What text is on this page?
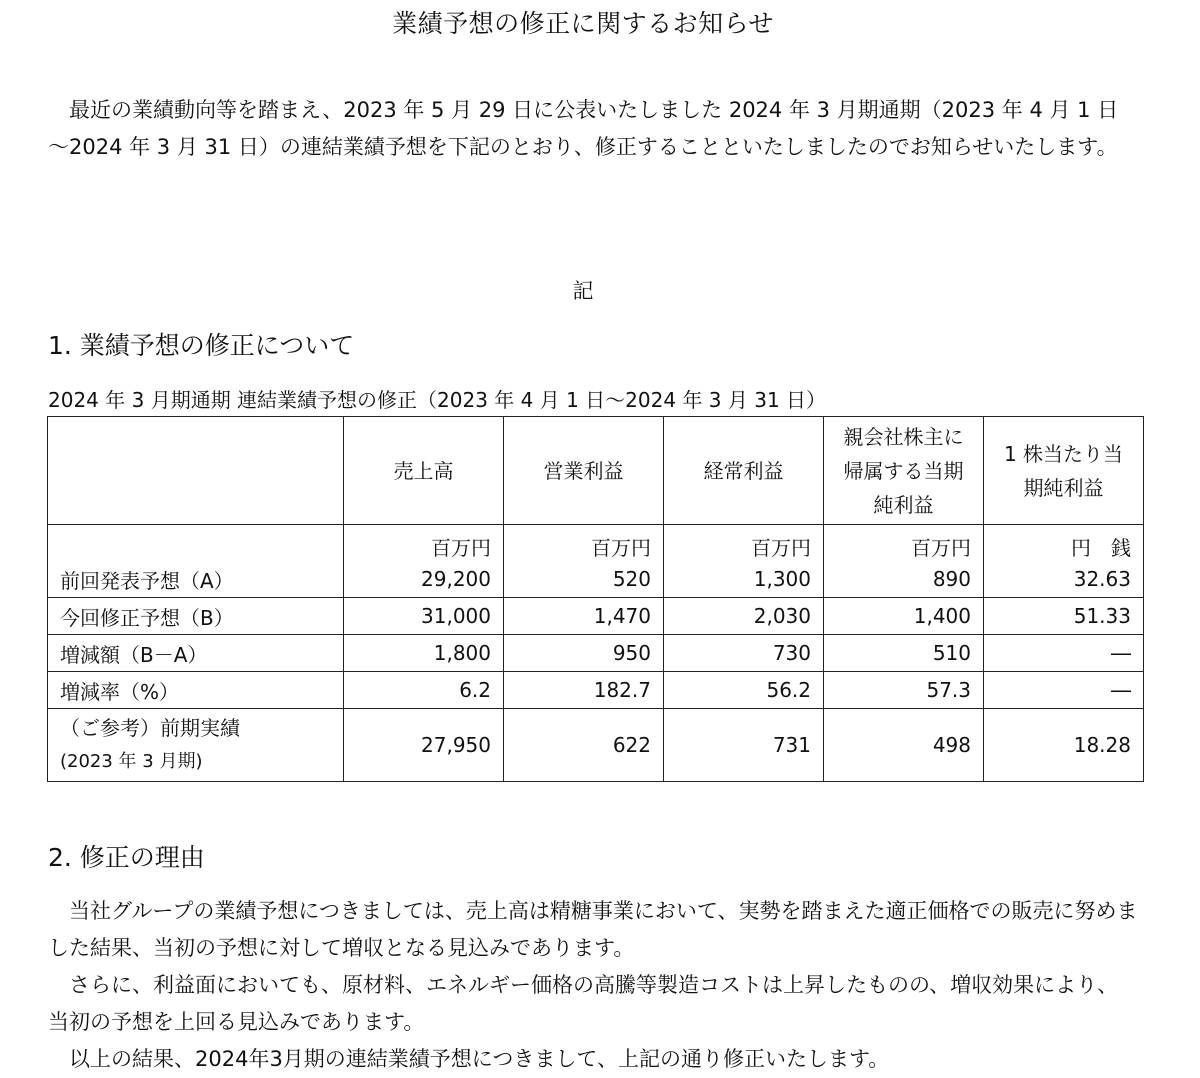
業績予想の修正に関するお知らせ

　最近の業績動向等を踏まえ、2023 年 5 月 29 日に公表いたしました 2024 年 3 月期通期（2023 年 4 月 1 日～2024 年 3 月 31 日）の連結業績予想を下記のとおり、修正することといたしましたのでお知らせいたします。

記
1. 業績予想の修正について
2024 年 3 月期通期 連結業績予想の修正（2023 年 4 月 1 日～2024 年 3 月 31 日）
	売上高	営業利益	経常利益	親会社株主に帰属する当期純利益	1 株当たり当期純利益
	百万円	百万円	百万円	百万円	円　銭
前回発表予想（A）	29,200	520	1,300	890	32.63
今回修正予想（B）	31,000	1,470	2,030	1,400	51.33
増減額（B－A）	1,800	950	730	510	―
増減率（%）	6.2	182.7	56.2	57.3	―

（ご参考）前期実績
(2023 年 3 月期)	27,950	622	731	498	18.28
2. 修正の理由

　当社グループの業績予想につきましては、売上高は精糖事業において、実勢を踏まえた適正価格での販売に努めました結果、当初の予想に対して増収となる見込みであります。

　さらに、利益面においても、原材料、エネルギー価格の高騰等製造コストは上昇したものの、増収効果により、当初の予想を上回る見込みであります。

　以上の結果、2024年3月期の連結業績予想につきまして、上記の通り修正いたします。
